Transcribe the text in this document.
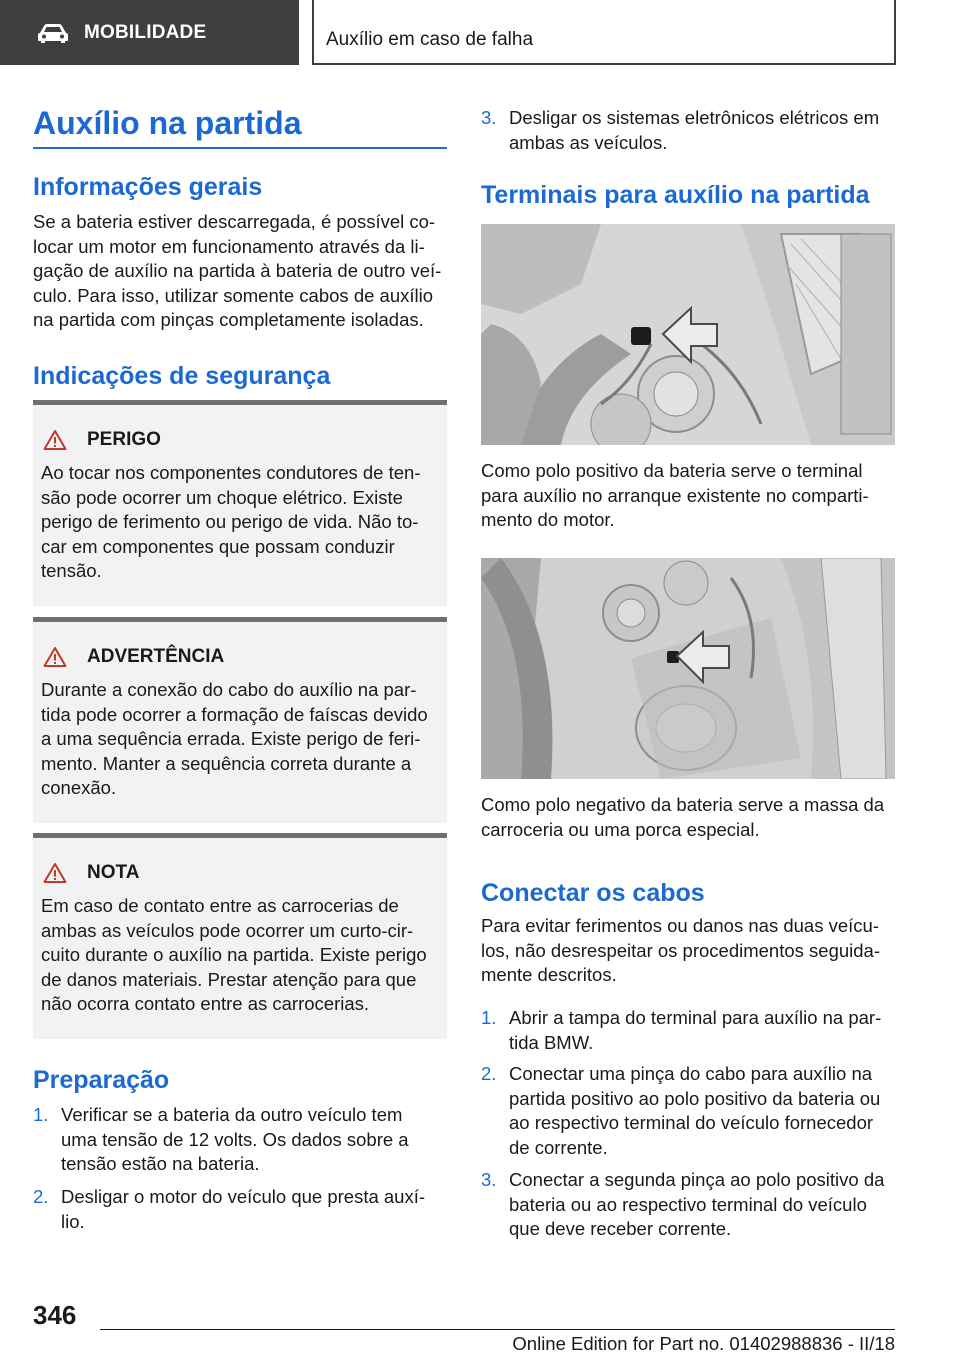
MOBILIDADE	Auxílio em caso de falha
Auxílio na partida
Informações gerais
Se a bateria estiver descarregada, é possível co‐
locar um motor em funcionamento através da li‐
gação de auxílio na partida à bateria de outro veí‐
culo. Para isso, utilizar somente cabos de auxílio
na partida com pinças completamente isoladas.
Indicações de segurança
PERIGO
Ao tocar nos componentes condutores de ten‐
são pode ocorrer um choque elétrico. Existe
perigo de ferimento ou perigo de vida. Não to‐
car em componentes que possam conduzir
tensão.
ADVERTÊNCIA
Durante a conexão do cabo do auxílio na par‐
tida pode ocorrer a formação de faíscas devido
a uma sequência errada. Existe perigo de feri‐
mento. Manter a sequência correta durante a
conexão.
NOTA
Em caso de contato entre as carrocerias de
ambas as veículos pode ocorrer um curto-cir‐
cuito durante o auxílio na partida. Existe perigo
de danos materiais. Prestar atenção para que
não ocorra contato entre as carrocerias.
Preparação
1. Verificar se a bateria da outro veículo tem
uma tensão de 12 volts. Os dados sobre a
tensão estão na bateria.
2. Desligar o motor do veículo que presta auxí‐
lio.
3. Desligar os sistemas eletrônicos elétricos em
ambas as veículos.
Terminais para auxílio na partida
Como polo positivo da bateria serve o terminal
para auxílio no arranque existente no comparti‐
mento do motor.
Como polo negativo da bateria serve a massa da
carroceria ou uma porca especial.
Conectar os cabos
Para evitar ferimentos ou danos nas duas veícu‐
los, não desrespeitar os procedimentos seguida‐
mente descritos.
1. Abrir a tampa do terminal para auxílio na par‐
tida BMW.
2. Conectar uma pinça do cabo para auxílio na
partida positivo ao polo positivo da bateria ou
ao respectivo terminal do veículo fornecedor
de corrente.
3. Conectar a segunda pinça ao polo positivo da
bateria ou ao respectivo terminal do veículo
que deve receber corrente.
346
Online Edition for Part no. 01402988836 - II/18
